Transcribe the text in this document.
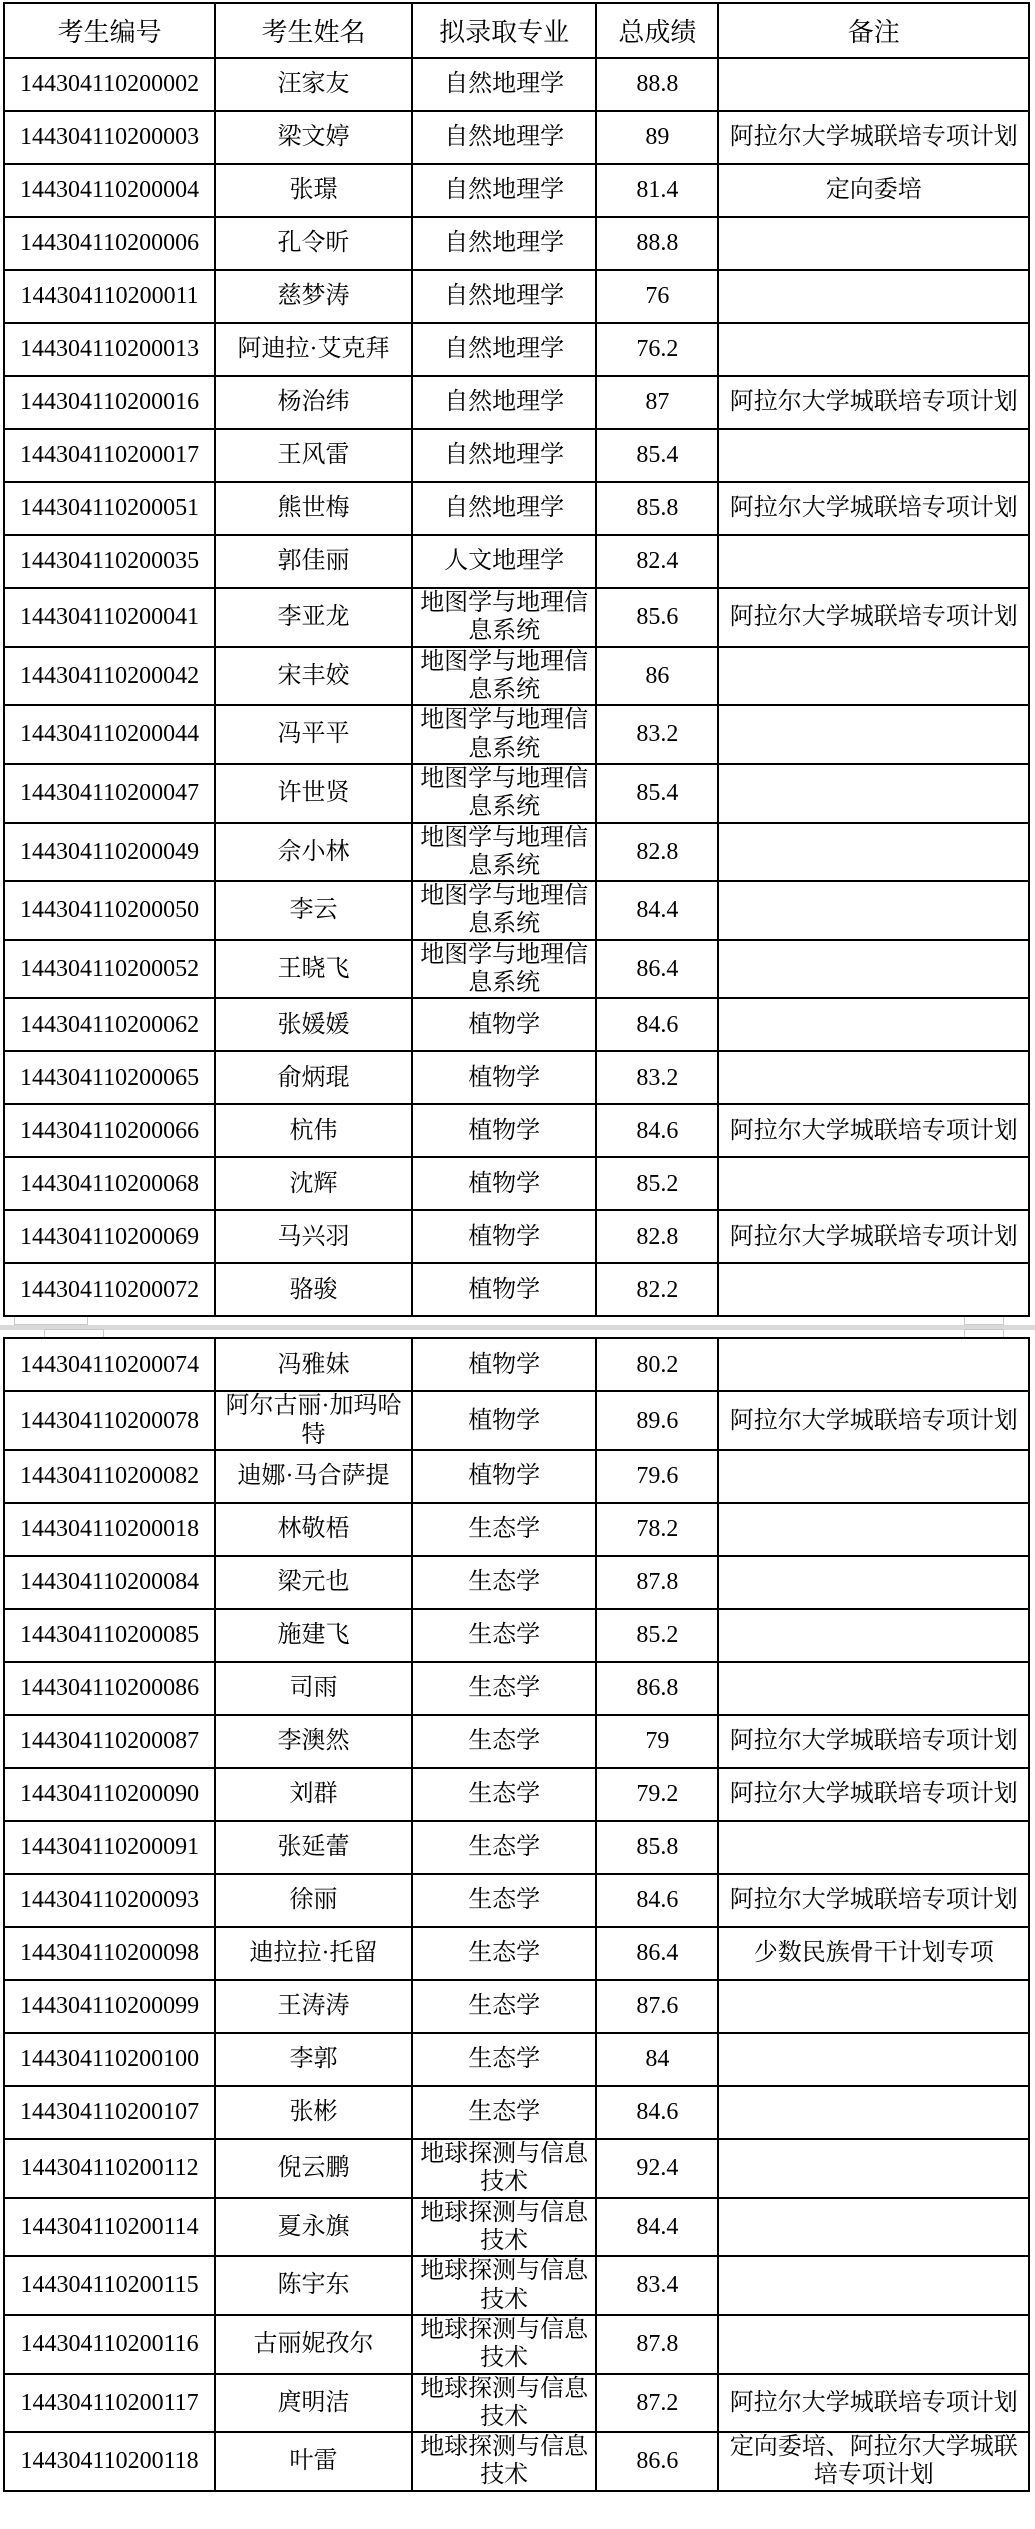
考生编号	考生姓名	拟录取专业	总成绩	备注
144304110200002	汪家友	自然地理学	88.8	
144304110200003	梁文婷	自然地理学	89	阿拉尔大学城联培专项计划
144304110200004	张璟	自然地理学	81.4	定向委培
144304110200006	孔令昕	自然地理学	88.8	
144304110200011	慈梦涛	自然地理学	76	
144304110200013	阿迪拉·艾克拜	自然地理学	76.2	
144304110200016	杨治纬	自然地理学	87	阿拉尔大学城联培专项计划
144304110200017	王风雷	自然地理学	85.4	
144304110200051	熊世梅	自然地理学	85.8	阿拉尔大学城联培专项计划
144304110200035	郭佳丽	人文地理学	82.4	
144304110200041	李亚龙	地图学与地理信息系统	85.6	阿拉尔大学城联培专项计划
144304110200042	宋丰姣	地图学与地理信息系统	86	
144304110200044	冯平平	地图学与地理信息系统	83.2	
144304110200047	许世贤	地图学与地理信息系统	85.4	
144304110200049	佘小林	地图学与地理信息系统	82.8	
144304110200050	李云	地图学与地理信息系统	84.4	
144304110200052	王晓飞	地图学与地理信息系统	86.4	
144304110200062	张媛媛	植物学	84.6	
144304110200065	俞炳琨	植物学	83.2	
144304110200066	杭伟	植物学	84.6	阿拉尔大学城联培专项计划
144304110200068	沈辉	植物学	85.2	
144304110200069	马兴羽	植物学	82.8	阿拉尔大学城联培专项计划
144304110200072	骆骏	植物学	82.2	
144304110200074	冯雅妹	植物学	80.2	
144304110200078	阿尔古丽·加玛哈特	植物学	89.6	阿拉尔大学城联培专项计划
144304110200082	迪娜·马合萨提	植物学	79.6	
144304110200018	林敬梧	生态学	78.2	
144304110200084	梁元也	生态学	87.8	
144304110200085	施建飞	生态学	85.2	
144304110200086	司雨	生态学	86.8	
144304110200087	李澳然	生态学	79	阿拉尔大学城联培专项计划
144304110200090	刘群	生态学	79.2	阿拉尔大学城联培专项计划
144304110200091	张延蕾	生态学	85.8	
144304110200093	徐丽	生态学	84.6	阿拉尔大学城联培专项计划
144304110200098	迪拉拉·托留	生态学	86.4	少数民族骨干计划专项
144304110200099	王涛涛	生态学	87.6	
144304110200100	李郭	生态学	84	
144304110200107	张彬	生态学	84.6	
144304110200112	倪云鹏	地球探测与信息技术	92.4	
144304110200114	夏永旗	地球探测与信息技术	84.4	
144304110200115	陈宇东	地球探测与信息技术	83.4	
144304110200116	古丽妮孜尔	地球探测与信息技术	87.8	
144304110200117	庹明洁	地球探测与信息技术	87.2	阿拉尔大学城联培专项计划
144304110200118	叶雷	地球探测与信息技术	86.6	定向委培、阿拉尔大学城联培专项计划
